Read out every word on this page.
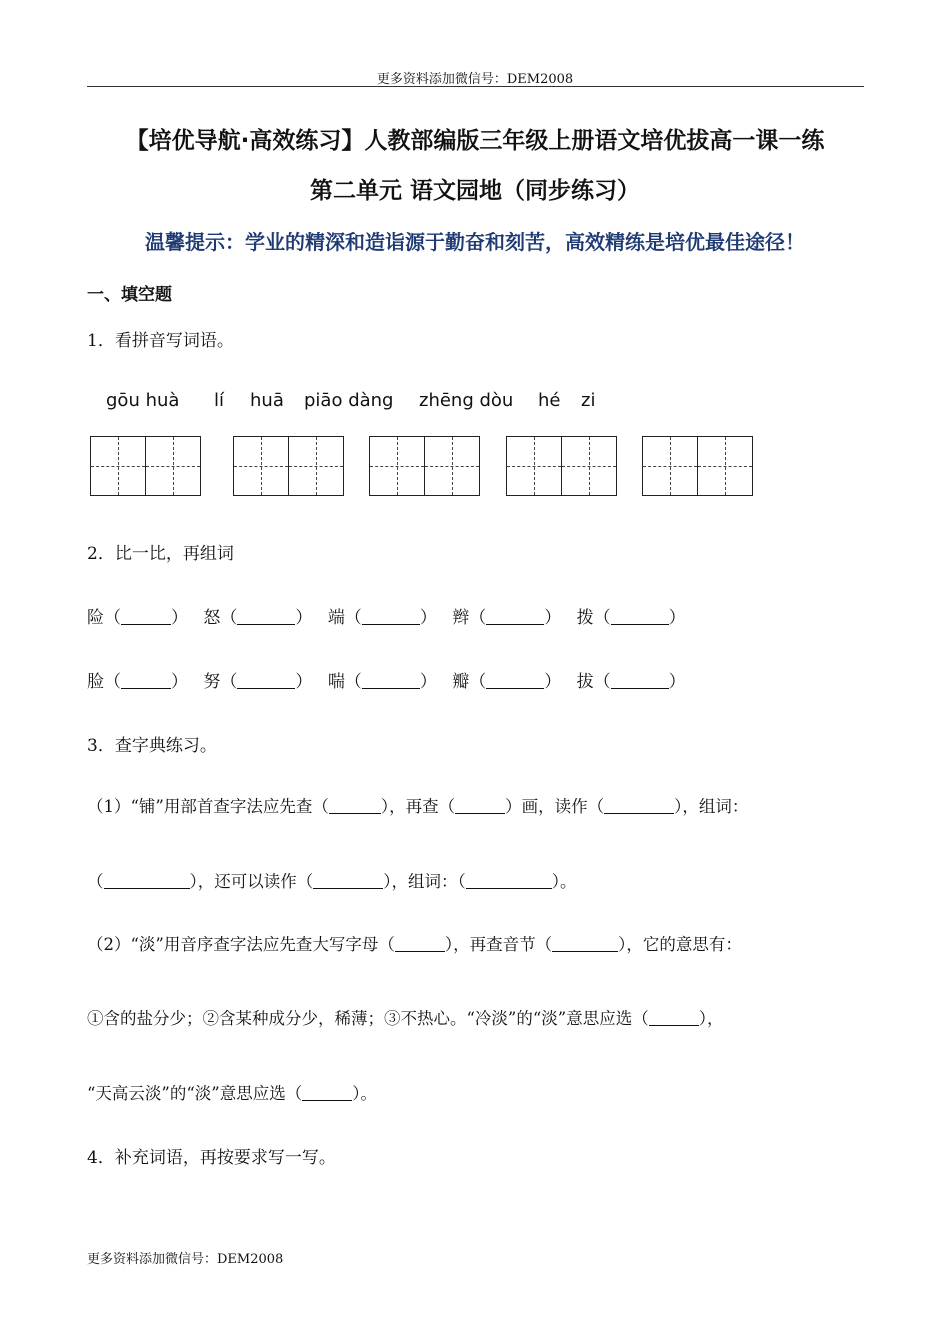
更多资料添加微信号：DEM2008
【培优导航·高效练习】人教部编版三年级上册语文培优拔高一课一练
第二单元 语文园地（同步练习）
温馨提示：学业的精深和造诣源于勤奋和刻苦，高效精练是培优最佳途径！
一、填空题
1．看拼音写词语。
gōu huà lí huā piāo dàng zhēng dòu hé zi
2．比一比，再组词
险（	） 怒（	） 端（	） 辫（	） 拨（	）
脸（	） 努（	） 喘（	） 瓣（	） 拔（	）
3．查字典练习。
（1）“铺”用部首查字法应先查（	），再查（	）画，读作（	），组词：
（	），还可以读作（	），组词：（	）。
（2）“淡”用音序查字法应先查大写字母（	），再查音节（	），它的意思有：
①含的盐分少；②含某种成分少，稀薄；③不热心。“冷淡”的“淡”意思应选（	），
“天高云淡”的“淡”意思应选（	）。
4．补充词语，再按要求写一写。
更多资料添加微信号：DEM2008
